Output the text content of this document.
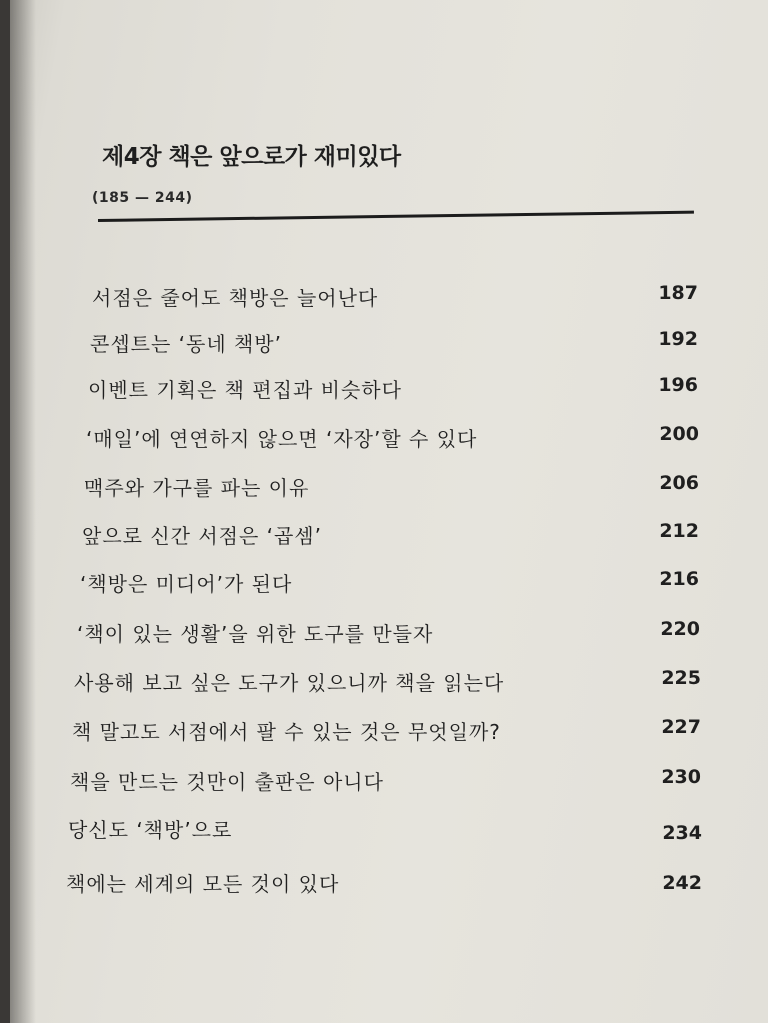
제4장 책은 앞으로가 재미있다
(185 — 244)
서점은 줄어도 책방은 늘어난다	187
콘셉트는 ‘동네 책방’	192
이벤트 기획은 책 편집과 비슷하다	196
‘매일’에 연연하지 않으면 ‘자장’할 수 있다	200
맥주와 가구를 파는 이유	206
앞으로 신간 서점은 ‘곱셈’	212
‘책방은 미디어’가 된다	216
‘책이 있는 생활’을 위한 도구를 만들자	220
사용해 보고 싶은 도구가 있으니까 책을 읽는다	225
책 말고도 서점에서 팔 수 있는 것은 무엇일까?	227
책을 만드는 것만이 출판은 아니다	230
당신도 ‘책방’으로	234
책에는 세계의 모든 것이 있다	242
